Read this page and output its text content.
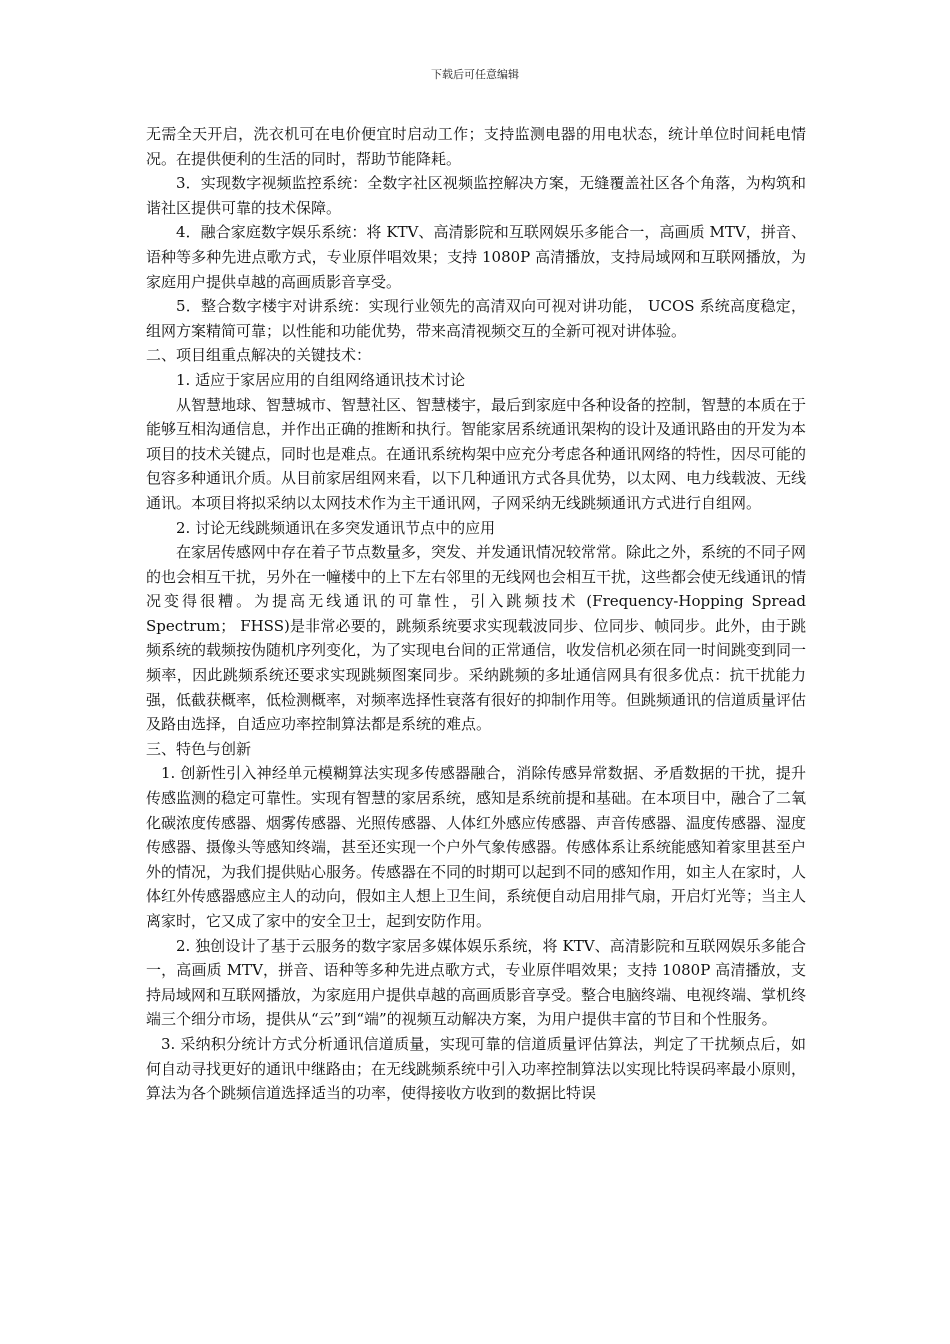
下载后可任意编辑

无需全天开启，洗衣机可在电价便宜时启动工作；支持监测电器的用电状态，统计单位时间耗电情况。在提供便利的生活的同时，帮助节能降耗。

3．实现数字视频监控系统：全数字社区视频监控解决方案，无缝覆盖社区各个角落，为构筑和谐社区提供可靠的技术保障。

4．融合家庭数字娱乐系统：将 KTV、高清影院和互联网娱乐多能合一，高画质 MTV，拼音、语种等多种先进点歌方式，专业原伴唱效果；支持 1080P 高清播放，支持局域网和互联网播放，为家庭用户提供卓越的高画质影音享受。

5．整合数字楼宇对讲系统：实现行业领先的高清双向可视对讲功能， UCOS 系统高度稳定，组网方案精简可靠；以性能和功能优势，带来高清视频交互的全新可视对讲体验。

二、项目组重点解决的关键技术：

1. 适应于家居应用的自组网络通讯技术讨论

从智慧地球、智慧城市、智慧社区、智慧楼宇，最后到家庭中各种设备的控制，智慧的本质在于能够互相沟通信息，并作出正确的推断和执行。智能家居系统通讯架构的设计及通讯路由的开发为本项目的技术关键点，同时也是难点。在通讯系统构架中应充分考虑各种通讯网络的特性，因尽可能的包容多种通讯介质。从目前家居组网来看，以下几种通讯方式各具优势，以太网、电力线载波、无线通讯。本项目将拟采纳以太网技术作为主干通讯网，子网采纳无线跳频通讯方式进行自组网。

2. 讨论无线跳频通讯在多突发通讯节点中的应用

在家居传感网中存在着子节点数量多，突发、并发通讯情况较常常。除此之外，系统的不同子网的也会相互干扰，另外在一幢楼中的上下左右邻里的无线网也会相互干扰，这些都会使无线通讯的情况变得很糟。为提高无线通讯的可靠性，引入跳频技术 (Frequency-Hopping Spread Spectrum； FHSS)是非常必要的，跳频系统要求实现载波同步、位同步、帧同步。此外，由于跳频系统的载频按伪随机序列变化，为了实现电台间的正常通信，收发信机必须在同一时间跳变到同一频率，因此跳频系统还要求实现跳频图案同步。采纳跳频的多址通信网具有很多优点：抗干扰能力强，低截获概率，低检测概率，对频率选择性衰落有很好的抑制作用等。但跳频通讯的信道质量评估及路由选择，自适应功率控制算法都是系统的难点。

三、特色与创新

1. 创新性引入神经单元模糊算法实现多传感器融合，消除传感异常数据、矛盾数据的干扰，提升传感监测的稳定可靠性。实现有智慧的家居系统，感知是系统前提和基础。在本项目中，融合了二氧化碳浓度传感器、烟雾传感器、光照传感器、人体红外感应传感器、声音传感器、温度传感器、湿度传感器、摄像头等感知终端，甚至还实现一个户外气象传感器。传感体系让系统能感知着家里甚至户外的情况，为我们提供贴心服务。传感器在不同的时期可以起到不同的感知作用，如主人在家时，人体红外传感器感应主人的动向，假如主人想上卫生间，系统便自动启用排气扇，开启灯光等；当主人离家时，它又成了家中的安全卫士，起到安防作用。

2. 独创设计了基于云服务的数字家居多媒体娱乐系统，将 KTV、高清影院和互联网娱乐多能合一，高画质 MTV，拼音、语种等多种先进点歌方式，专业原伴唱效果；支持 1080P 高清播放，支持局域网和互联网播放，为家庭用户提供卓越的高画质影音享受。整合电脑终端、电视终端、掌机终端三个细分市场，提供从“云”到“端”的视频互动解决方案，为用户提供丰富的节目和个性服务。

3. 采纳积分统计方式分析通讯信道质量，实现可靠的信道质量评估算法，判定了干扰频点后，如何自动寻找更好的通讯中继路由；在无线跳频系统中引入功率控制算法以实现比特误码率最小原则，算法为各个跳频信道选择适当的功率，使得接收方收到的数据比特误
